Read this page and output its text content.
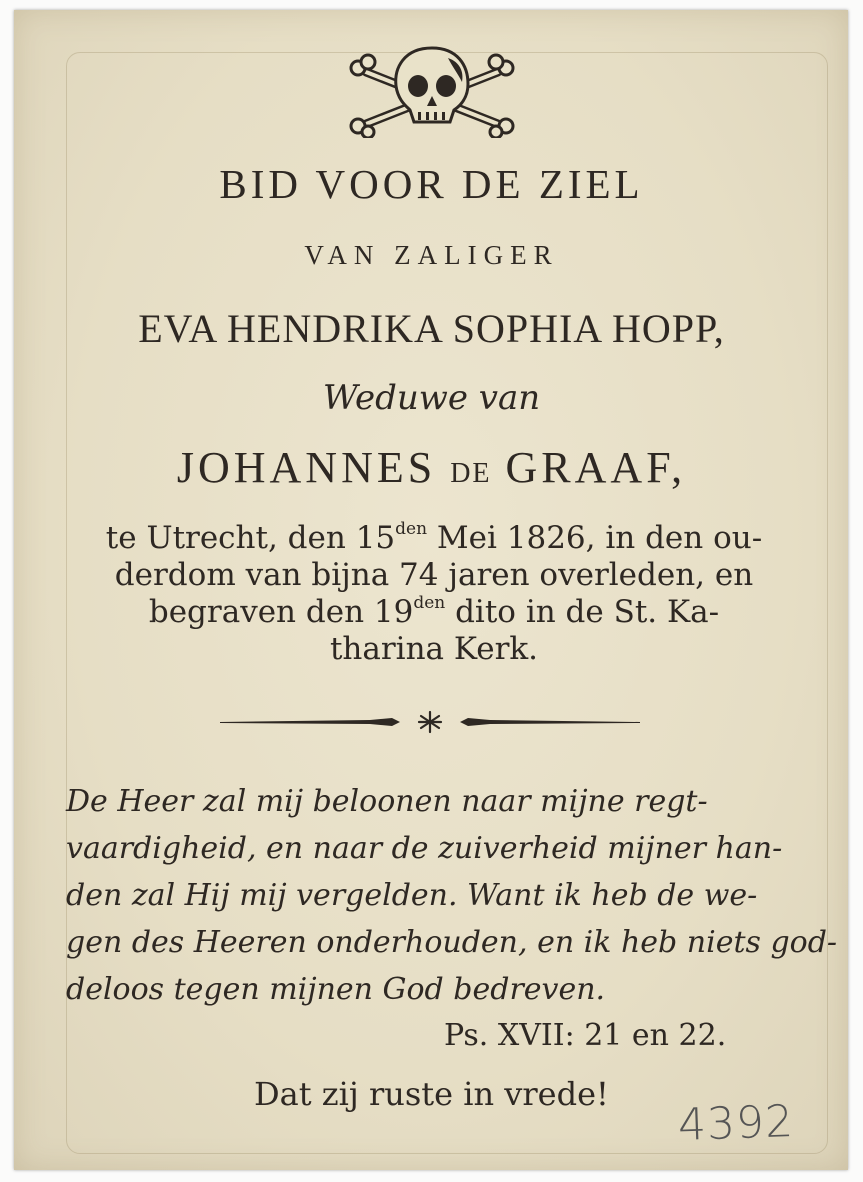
BID VOOR DE ZIEL
VAN ZALIGER
EVA HENDRIKA SOPHIA HOPP,
Weduwe van
JOHANNES DE GRAAF,
te Utrecht, den $15^{den}$ Mei 1826, in den ou-
derdom van bijna 74 jaren overleden, en
begraven den $19^{den}$ dito in de St. Ka-
tharina Kerk.
De Heer zal mij beloonen naar mijne regt-
vaardigheid, en naar de zuiverheid mijner han-
den zal Hij mij vergelden. Want ik heb de we-
gen des Heeren onderhouden, en ik heb niets god-
deloos tegen mijnen God bedreven.
Ps. XVII: 21 en 22.
Dat zij ruste in vrede!
4392
